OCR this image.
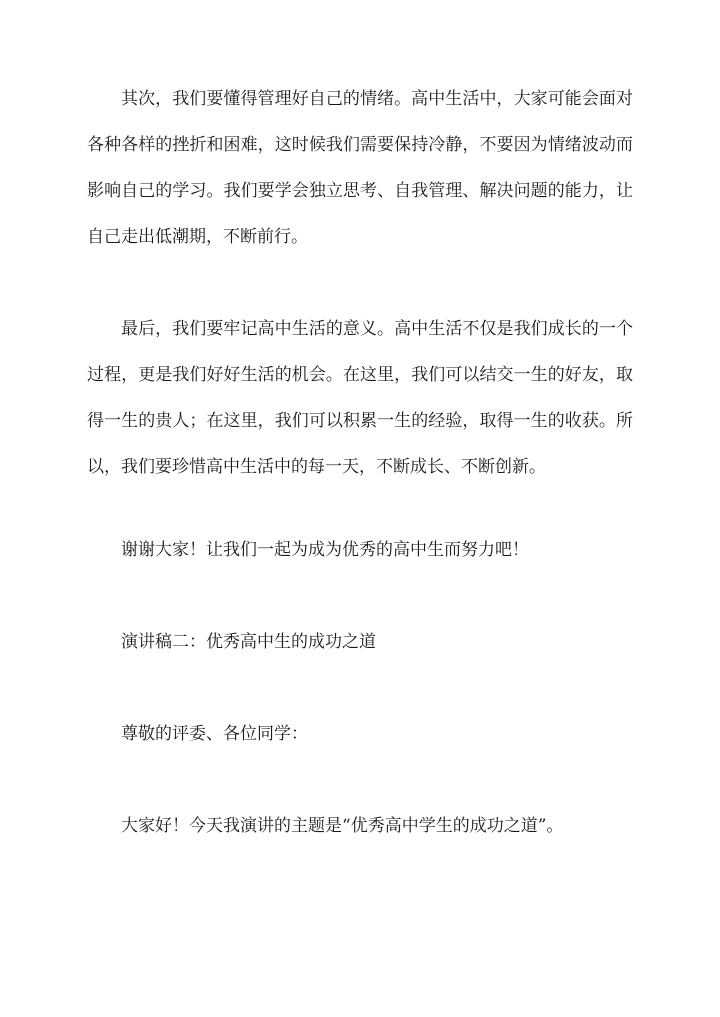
其次，我们要懂得管理好自己的情绪。高中生活中，大家可能会面对各种各样的挫折和困难，这时候我们需要保持冷静，不要因为情绪波动而影响自己的学习。我们要学会独立思考、自我管理、解决问题的能力，让自己走出低潮期，不断前行。

最后，我们要牢记高中生活的意义。高中生活不仅是我们成长的一个过程，更是我们好好生活的机会。在这里，我们可以结交一生的好友，取得一生的贵人；在这里，我们可以积累一生的经验，取得一生的收获。所以，我们要珍惜高中生活中的每一天，不断成长、不断创新。

谢谢大家！让我们一起为成为优秀的高中生而努力吧！

演讲稿二：优秀高中生的成功之道

尊敬的评委、各位同学：

大家好！今天我演讲的主题是“优秀高中学生的成功之道”。
